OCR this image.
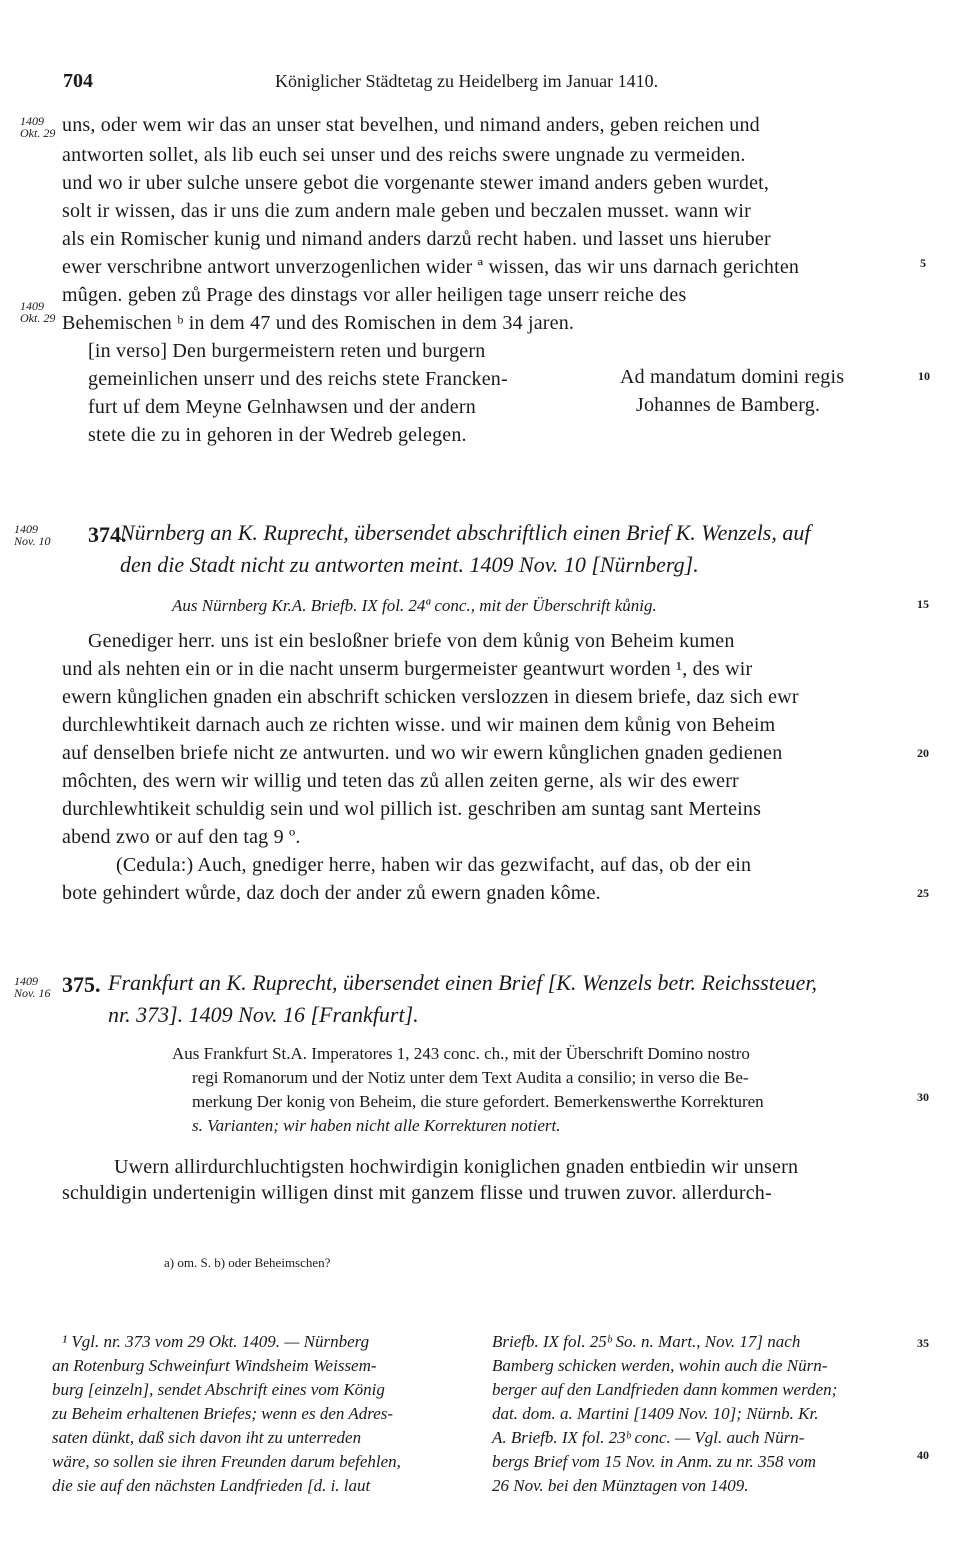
704	Königlicher Städtetag zu Heidelberg im Januar 1410.
1409
Okt. 29
1409
Okt. 29
1409
Nov. 10
1409
Nov. 16
5
10
15
20
25
30
35
40
uns, oder wem wir das an unser stat bevelhen, und nimand anders, geben reichen und
antworten sollet, als lib euch sei unser und des reichs swere ungnade zu vermeiden.
und wo ir uber sulche unsere gebot die vorgenante stewer imand anders geben wurdet,
solt ir wissen, das ir uns die zum andern male geben und beczalen musset. wann wir
als ein Romischer kunig und nimand anders darzů recht haben. und lasset uns hieruber
ewer verschribne antwort unverzogenlichen wider ª wissen, das wir uns darnach gerichten
mûgen. geben zů Prage des dinstags vor aller heiligen tage unserr reiche des
Behemischen ᵇ in dem 47 und des Romischen in dem 34 jaren.
[in verso] Den burgermeistern reten und burgern
gemeinlichen unserr und des reichs stete Francken-
furt uf dem Meyne Gelnhawsen und der andern
stete die zu in gehoren in der Wedreb gelegen.
Ad mandatum domini regis
Johannes de Bamberg.
374.
Nürnberg an K. Ruprecht, übersendet abschriftlich einen Brief K. Wenzels, auf
den die Stadt nicht zu antworten meint. 1409 Nov. 10 [Nürnberg].
Aus Nürnberg Kr.A. Briefb. IX fol. 24ª conc., mit der Überschrift kůnig.
Genediger herr. uns ist ein besloßner briefe von dem kůnig von Beheim kumen
und als nehten ein or in die nacht unserm burgermeister geantwurt worden ¹, des wir
ewern kůnglichen gnaden ein abschrift schicken verslozzen in diesem briefe, daz sich ewr
durchlewhtikeit darnach auch ze richten wisse. und wir mainen dem kůnig von Beheim
auf denselben briefe nicht ze antwurten. und wo wir ewern kůnglichen gnaden gedienen
môchten, des wern wir willig und teten das zů allen zeiten gerne, als wir des ewerr
durchlewhtikeit schuldig sein und wol pillich ist. geschriben am suntag sant Merteins
abend zwo or auf den tag 9 º.
(Cedula:) Auch, gnediger herre, haben wir das gezwifacht, auf das, ob der ein
bote gehindert wůrde, daz doch der ander zů ewern gnaden kôme.
375. Frankfurt an K. Ruprecht, übersendet einen Brief [K. Wenzels betr. Reichssteuer,
nr. 373]. 1409 Nov. 16 [Frankfurt].
Aus Frankfurt St.A. Imperatores 1, 243 conc. ch., mit der Überschrift Domino nostro
regi Romanorum und der Notiz unter dem Text Audita a consilio; in verso die Be-
merkung Der konig von Beheim, die sture gefordert. Bemerkenswerthe Korrekturen
s. Varianten; wir haben nicht alle Korrekturen notiert.
Uwern allirdurchluchtigsten hochwirdigin koniglichen gnaden entbiedin wir unsern
schuldigin undertenigin willigen dinst mit ganzem flisse und truwen zuvor. allerdurch-
a) om. S. b) oder Beheimschen?
¹ Vgl. nr. 373 vom 29 Okt. 1409. — Nürnberg
an Rotenburg Schweinfurt Windsheim Weissem-
burg [einzeln], sendet Abschrift eines vom König
zu Beheim erhaltenen Briefes; wenn es den Adres-
saten dünkt, daß sich davon iht zu unterreden
wäre, so sollen sie ihren Freunden darum befehlen,
die sie auf den nächsten Landfrieden [d. i. laut
Briefb. IX fol. 25ᵇ So. n. Mart., Nov. 17] nach
Bamberg schicken werden, wohin auch die Nürn-
berger auf den Landfrieden dann kommen werden;
dat. dom. a. Martini [1409 Nov. 10]; Nürnb. Kr.
A. Briefb. IX fol. 23ᵇ conc. — Vgl. auch Nürn-
bergs Brief vom 15 Nov. in Anm. zu nr. 358 vom
26 Nov. bei den Münztagen von 1409.
